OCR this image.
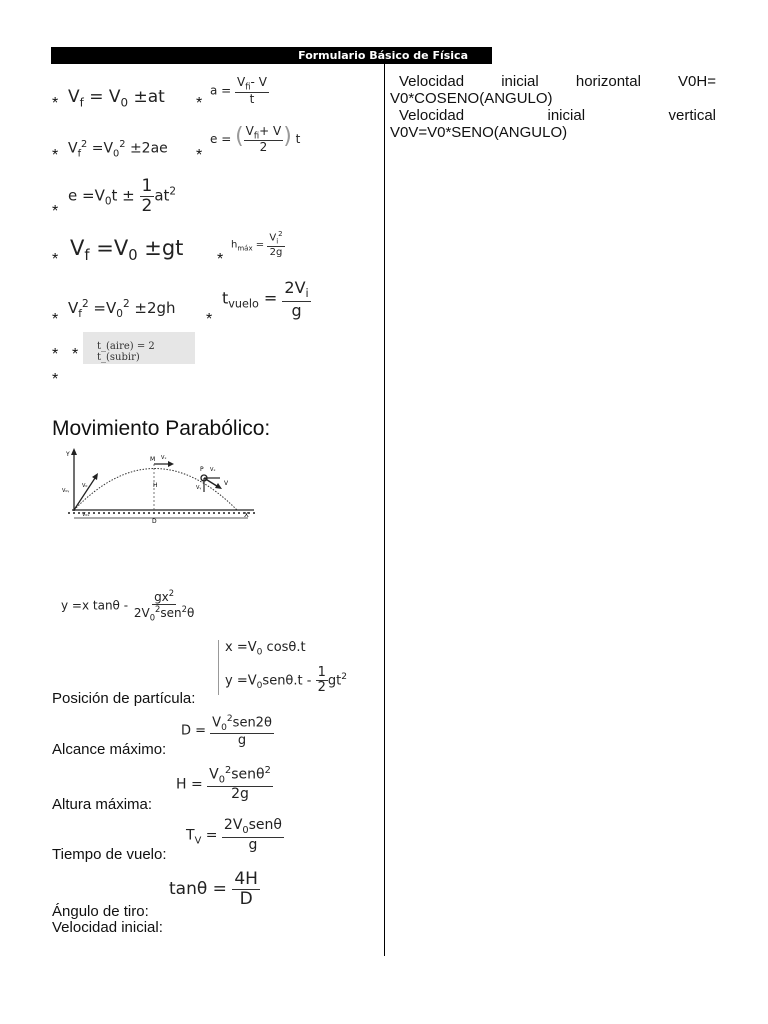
Formulario Básico de Física
Velocidad inicial horizontal V0H=
V0*COSENO(ANGULO)
Velocidad inicial vertical
V0V=V0*SENO(ANGULO)
*	*
*	*
*
*	*
*	*
* *
*
$V_f = V_0 \pm at$	$a = \frac{V_{fi}- V}{t}$
$V_f^2 =V_0^2 \pm 2ae$
e = ( $\frac{V_{fi}+ V}{2}$ ) t
$e =V_0t \pm \frac{1}{2} at^2$
$V_f =V_0 \pm gt$	$h_{máx} = \frac{V_i^2}{2g}$
$V_f^2 =V_0^2 \pm 2gh$
$t_{vuelo} = \frac{2V_i}{g}$
t_(aire) = 2 t_(subir)
Movimiento Parabólico:
Y
X
M Vₓ
H
P Vₓ
V
Vᵧ
V₀ᵧ
V₀
V₀ₓ
D
y =x tanθ - $\frac{gx^2}{2V_0^2sen^2\theta}$
$x =V_0$ cosθ.t
$y =V_0sen\theta.t - \frac{1}{2} gt^2$
Posición de partícula:
$D = \frac{V_0^2sen2\theta}{g}$
Alcance máximo:
$H = \frac{V_0^2sen\theta^2}{2g}$
Altura máxima:
$T_V = \frac{2V_0sen\theta}{g}$
Tiempo de vuelo:
$\tan\theta = \frac{4H}{D}$
Ángulo de tiro:
Velocidad inicial:
